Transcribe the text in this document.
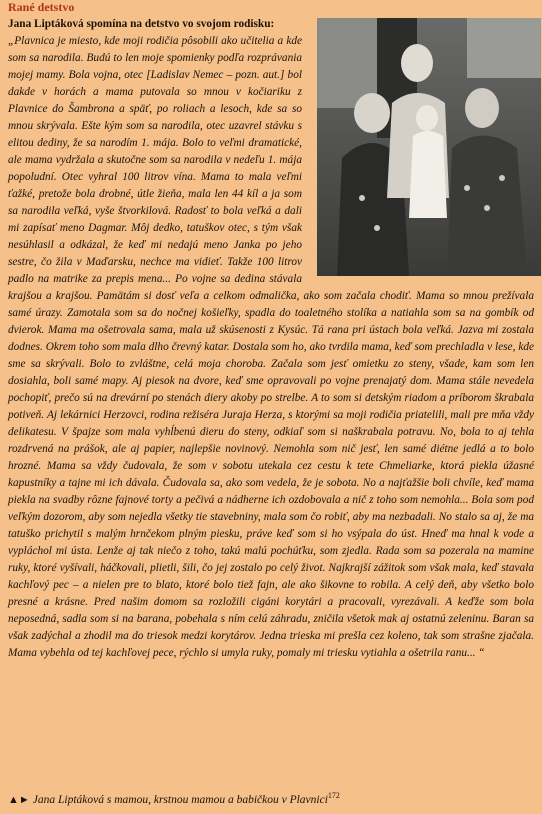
Rané detstvo

Jana Liptáková spomína na detstvo vo svojom rodisku:
„Plavnica je miesto, kde moji rodičia pôsobili ako učitelia a kde som sa narodila. Budú to len moje spomienky podľa rozprávania mojej mamy. Bola vojna, otec [Ladislav Nemec – pozn. aut.] bol dakde v horách a mama putovala so mnou v kočiariku z Plavnice do Šambrona a späť, po roliach a lesoch, kde sa so mnou skrývala. Ešte kým som sa narodila, otec uzavrel stávku s elitou dediny, že sa narodím 1. mája. Bolo to veľmi dramatické, ale mama vydržala a skutočne som sa narodila v nedeľu 1. mája popoludní. Otec vyhral 100 litrov vína. Mama to mala veľmi ťažké, pretože bola drobné, útle žieňa, mala len 44 kíl a ja som sa narodila veľká, vyše štvorkilová. Radosť to bola veľká a dali mi zapísať meno Dagmar. Môj dedko, tatuškov otec, s tým však nesúhlasil a odkázal, že keď mi nedajú meno Janka po jeho sestre, čo žila v Maďarsku, nechce ma vidieť. Takže 100 litrov padlo na matrike za prepis mena... Po vojne sa dedina stávala krajšou a krajšou. Pamätám si dosť veľa a celkom odmalička, ako som začala chodiť. Mama so mnou prežívala samé úrazy. Zamotala som sa do nočnej košieľky, spadla do toaletného stolíka a natiahla som sa na gombík od dvierok. Mama ma ošetrovala sama, mala už skúsenosti z Kysúc. Tá rana pri ústach bola veľká. Jazva mi zostala dodnes. Okrem toho som mala dlho črevný katar. Dostala som ho, ako tvrdila mama, keď som prechladla v lese, kde sme sa skrývali. Bolo to zvláštne, celá moja choroba. Začala som jesť omietku zo steny, všade, kam som len dosiahla, boli samé mapy. Aj piesok na dvore, keď sme opravovali po vojne prenajatý dom. Mama stále nevedela pochopiť, prečo sú na drevární po stenách diery akoby po strelbe. A to som si detským riadom a príborom škrabala potiveň. Aj lekárnici Herzovci, rodina režiséra Juraja Herza, s ktorými sa moji rodičia priatelili, mali pre mňa vždy delikatesu. V špajze som mala vyhĺbenú dieru do steny, odkiaľ som si naškrabala potravu. No, bola to aj tehla rozdrvená na prášok, ale aj papier, najlepšie novinový. Nemohla som nič jesť, len samé diétne jedlá a to bolo hrozné. Mama sa vždy čudovala, že som v sobotu utekala cez cestu k tete Chmeliarke, ktorá piekla úžasné kapustníky a tajne mi ich dávala. Čudovala sa, ako som vedela, že je sobota. No a najťažšie boli chvíle, keď mama piekla na svadby rôzne fajnové torty a pečivá a nádherne ich ozdobovala a nič z toho som nemohla... Bola som pod veľkým dozorom, aby som nejedla všetky tie stavebniny, mala som čo robiť, aby ma nezbadali. No stalo sa aj, že ma tatuško prichytil s malým hrnčekom plným piesku, práve keď som si ho vsýpala do úst. Hneď ma hnal k vode a vypláchol mi ústa. Lenže aj tak niečo z toho, takú malú pochúťku, som zjedla. Rada som sa pozerala na mamine ruky, ktoré vyšívali, háčkovali, plietli, šili, čo jej zostalo po celý život. Najkrajší zážitok som však mala, keď stavala kachľový pec – a nielen pre to blato, ktoré bolo tiež fajn, ale ako šikovne to robila. A celý deň, aby všetko bolo presné a krásne. Pred našim domom sa rozložili cigáni korytári a pracovali, vyrezávali. A keďže som bola neposedná, sadla som si na barana, pobehala s ním celú záhradu, zničila všetok mak aj ostatnú zeleninu. Baran sa však zadýchal a zhodil ma do triesok medzi korytárov. Jedna trieska mi prešla cez koleno, tak som strašne zjačala. Mama vybehla od tej kachľovej pece, rýchlo si umyla ruky, pomaly mi triesku vytiahla a ošetrila ranu... “

▲► Jana Liptáková s mamou, krstnou mamou a babičkou v Plavnici$^{172}$
